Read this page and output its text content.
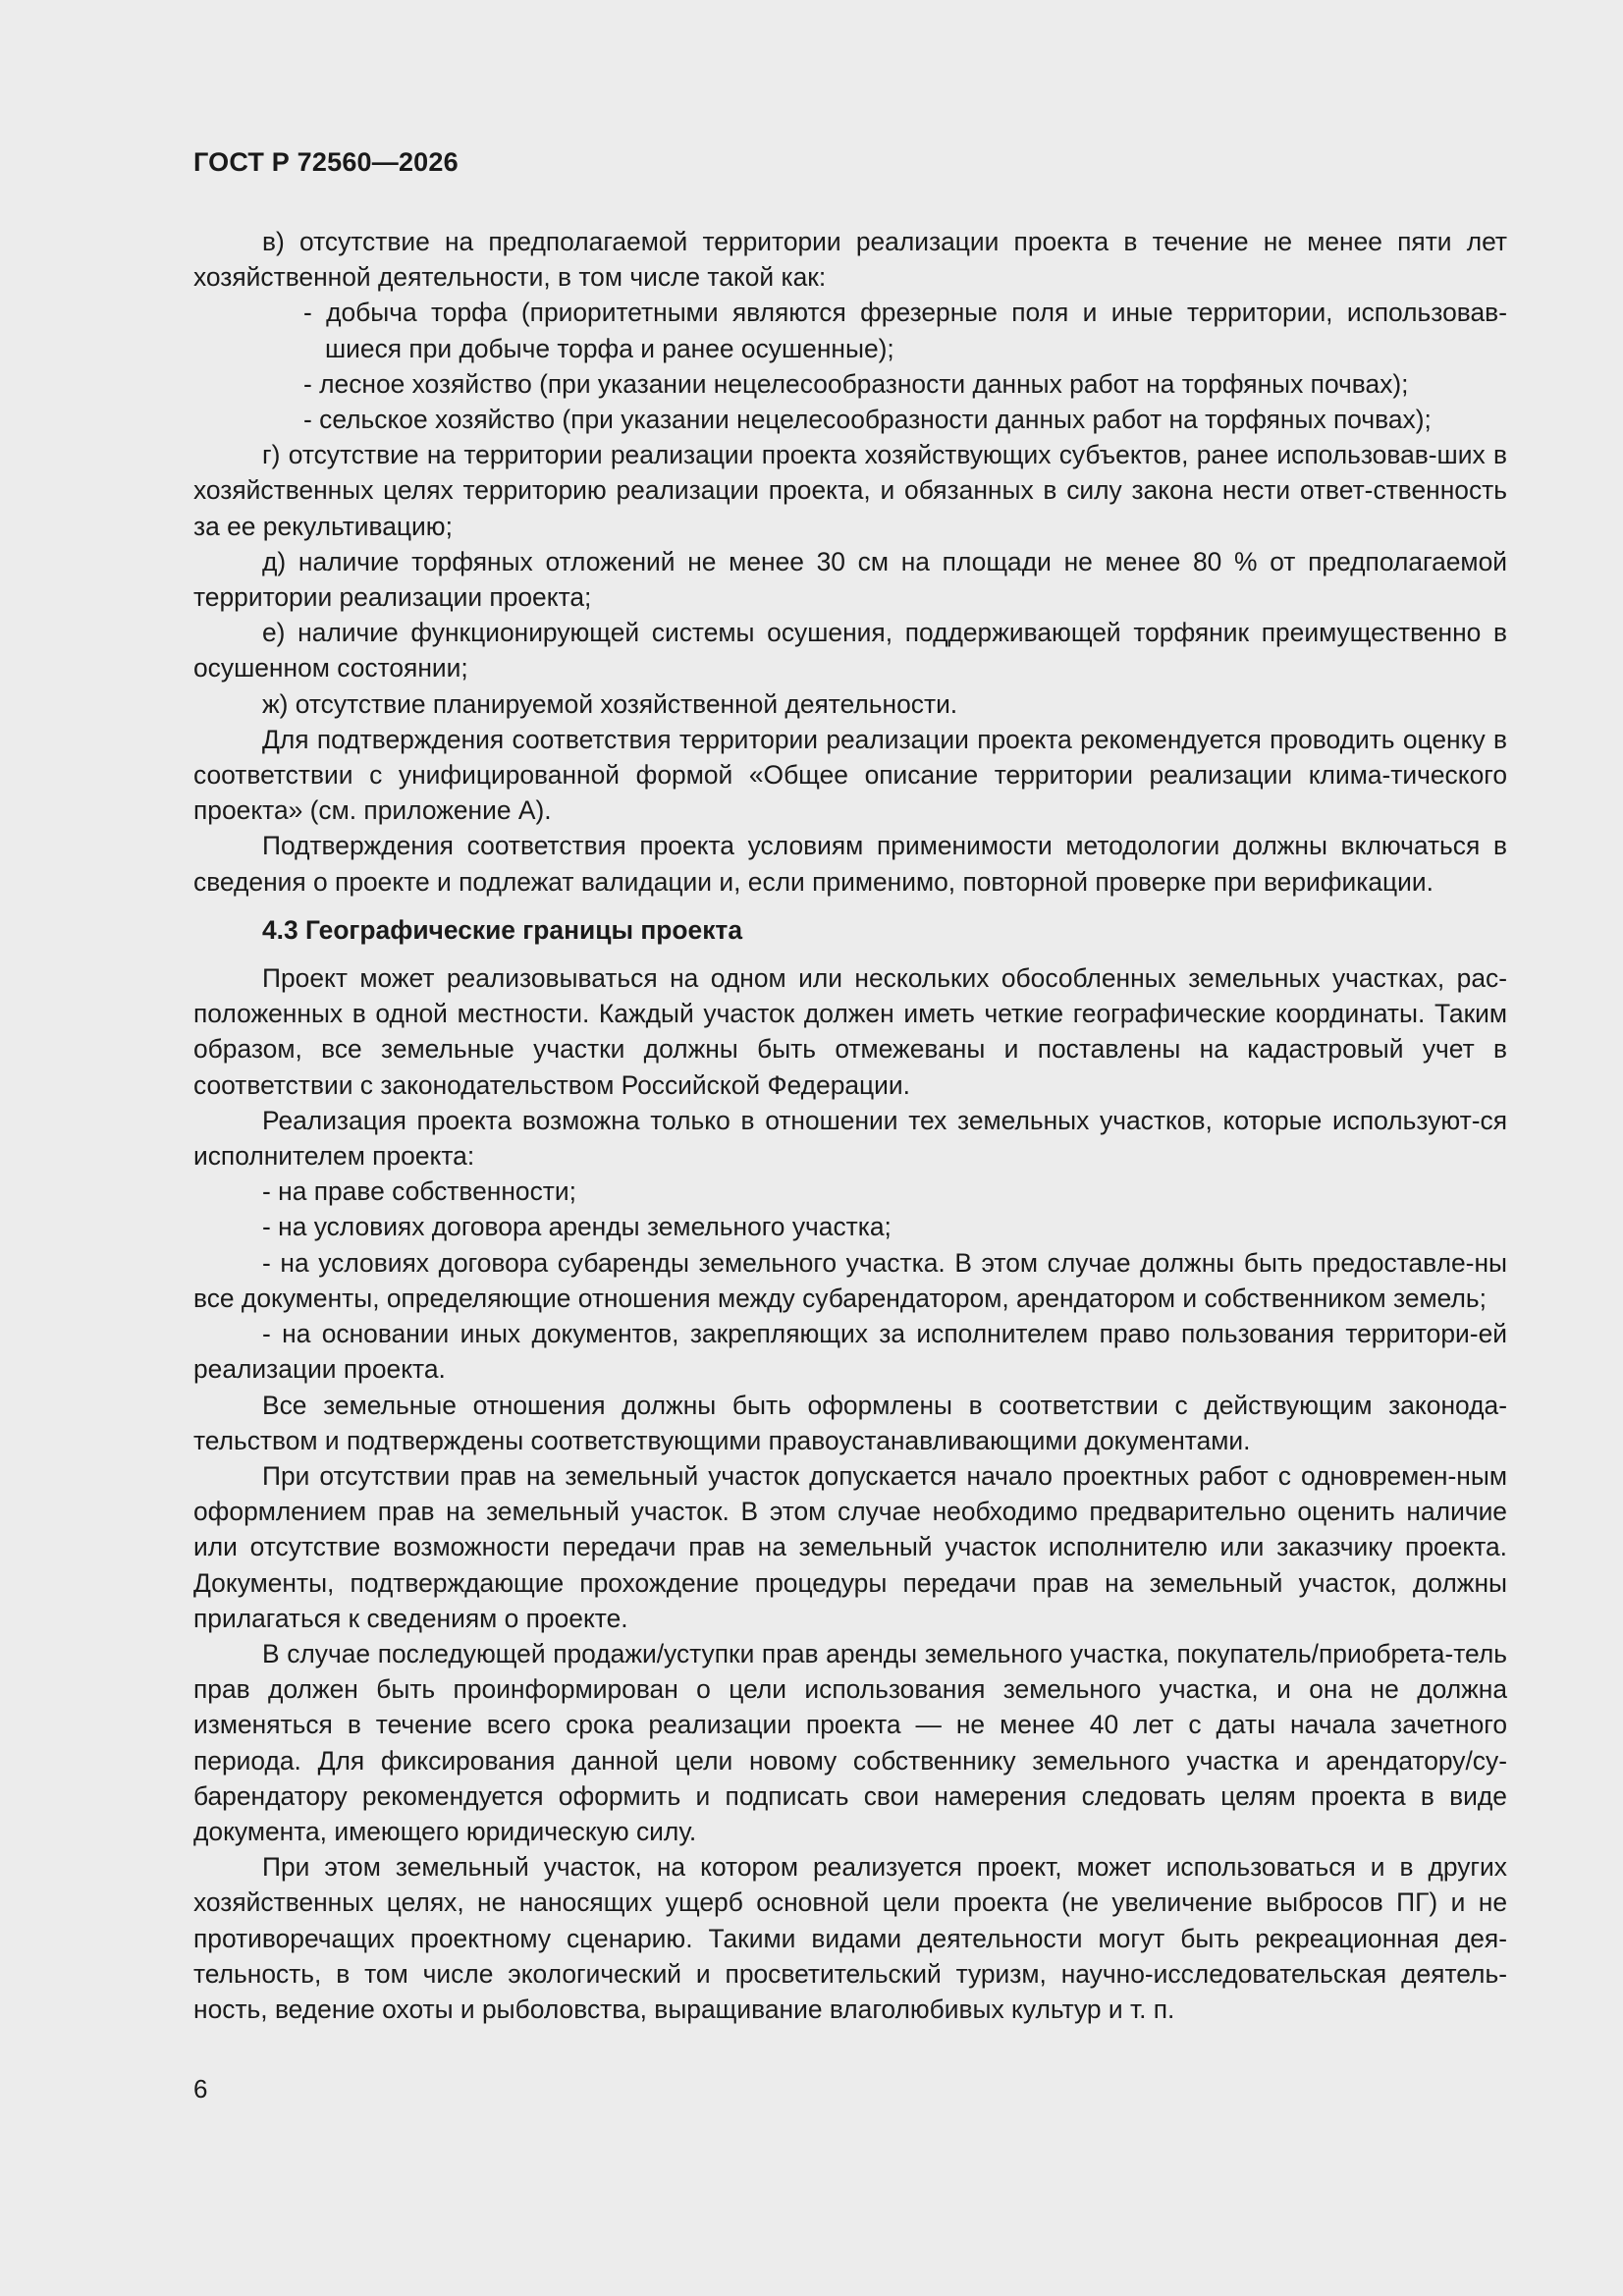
ГОСТ Р 72560—2026

в) отсутствие на предполагаемой территории реализации проекта в течение не менее пяти лет хозяйственной деятельности, в том числе такой как:

- добыча торфа (приоритетными являются фрезерные поля и иные территории, использовав-шиеся при добыче торфа и ранее осушенные);

- лесное хозяйство (при указании нецелесообразности данных работ на торфяных почвах);

- сельское хозяйство (при указании нецелесообразности данных работ на торфяных почвах);

г) отсутствие на территории реализации проекта хозяйствующих субъектов, ранее использовав-ших в хозяйственных целях территорию реализации проекта, и обязанных в силу закона нести ответ-ственность за ее рекультивацию;

д) наличие торфяных отложений не менее 30 см на площади не менее 80 % от предполагаемой территории реализации проекта;

е) наличие функционирующей системы осушения, поддерживающей торфяник преимущественно в осушенном состоянии;

ж) отсутствие планируемой хозяйственной деятельности.

Для подтверждения соответствия территории реализации проекта рекомендуется проводить оценку в соответствии с унифицированной формой «Общее описание территории реализации клима-тического проекта» (см. приложение А).

Подтверждения соответствия проекта условиям применимости методологии должны включаться в сведения о проекте и подлежат валидации и, если применимо, повторной проверке при верификации.

4.3 Географические границы проекта

Проект может реализовываться на одном или нескольких обособленных земельных участках, рас-положенных в одной местности. Каждый участок должен иметь четкие географические координаты. Таким образом, все земельные участки должны быть отмежеваны и поставлены на кадастровый учет в соответствии с законодательством Российской Федерации.

Реализация проекта возможна только в отношении тех земельных участков, которые используют-ся исполнителем проекта:

- на праве собственности;

- на условиях договора аренды земельного участка;

- на условиях договора субаренды земельного участка. В этом случае должны быть предоставле-ны все документы, определяющие отношения между субарендатором, арендатором и собственником земель;

- на основании иных документов, закрепляющих за исполнителем право пользования территори-ей реализации проекта.

Все земельные отношения должны быть оформлены в соответствии с действующим законода-тельством и подтверждены соответствующими правоустанавливающими документами.

При отсутствии прав на земельный участок допускается начало проектных работ с одновремен-ным оформлением прав на земельный участок. В этом случае необходимо предварительно оценить наличие или отсутствие возможности передачи прав на земельный участок исполнителю или заказчику проекта. Документы, подтверждающие прохождение процедуры передачи прав на земельный участок, должны прилагаться к сведениям о проекте.

В случае последующей продажи/уступки прав аренды земельного участка, покупатель/приобрета-тель прав должен быть проинформирован о цели использования земельного участка, и она не должна изменяться в течение всего срока реализации проекта — не менее 40 лет с даты начала зачетного периода. Для фиксирования данной цели новому собственнику земельного участка и арендатору/су-барендатору рекомендуется оформить и подписать свои намерения следовать целям проекта в виде документа, имеющего юридическую силу.

При этом земельный участок, на котором реализуется проект, может использоваться и в других хозяйственных целях, не наносящих ущерб основной цели проекта (не увеличение выбросов ПГ) и не противоречащих проектному сценарию. Такими видами деятельности могут быть рекреационная дея-тельность, в том числе экологический и просветительский туризм, научно-исследовательская деятель-ность, ведение охоты и рыболовства, выращивание влаголюбивых культур и т. п.

6
